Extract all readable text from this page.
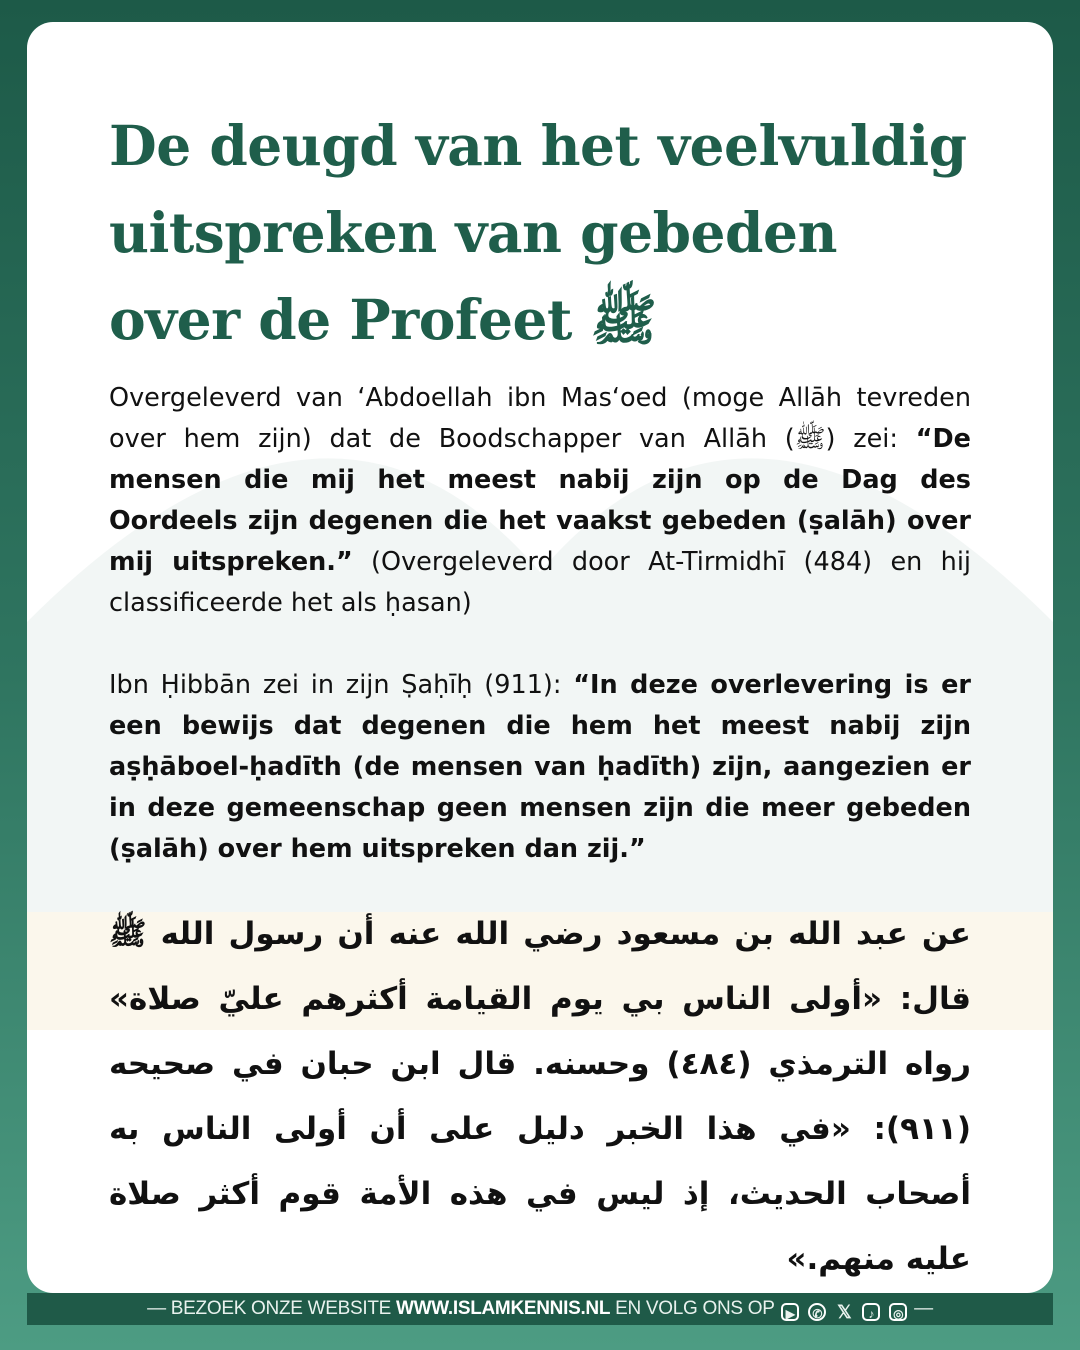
De deugd van het veelvuldig uitspreken van gebeden over de Profeet ﷺ

Overgeleverd van ‘Abdoellah ibn Mas‘oed (moge Allāh tevreden over hem zijn) dat de Boodschapper van Allāh (ﷺ) zei: “De mensen die mij het meest nabij zijn op de Dag des Oordeels zijn degenen die het vaakst gebeden (ṣalāh) over mij uitspreken.” (Overgeleverd door At-Tirmidhī (484) en hij classificeerde het als ḥasan)

Ibn Ḥibbān zei in zijn Ṣaḥīḥ (911): “In deze overlevering is er een bewijs dat degenen die hem het meest nabij zijn aṣḥāboel-ḥadīth (de mensen van ḥadīth) zijn, aangezien er in deze gemeenschap geen mensen zijn die meer gebeden (ṣalāh) over hem uitspreken dan zij.”

عن عبد الله بن مسعود رضي الله عنه أن رسول الله ﷺ قال: «أولى الناس بي يوم القيامة أكثرهم عليّ صلاة» رواه الترمذي (٤٨٤) وحسنه. قال ابن حبان في صحيحه (٩١١): «في هذا الخبر دليل على أن أولى الناس به أصحاب الحديث، إذ ليس في هذه الأمة قوم أكثر صلاة عليه منهم.»

— BEZOEK ONZE WEBSITE WWW.ISLAMKENNIS.NL EN VOLG ONS OP ▶ ✆ 𝕏 ♪ ◎ —
